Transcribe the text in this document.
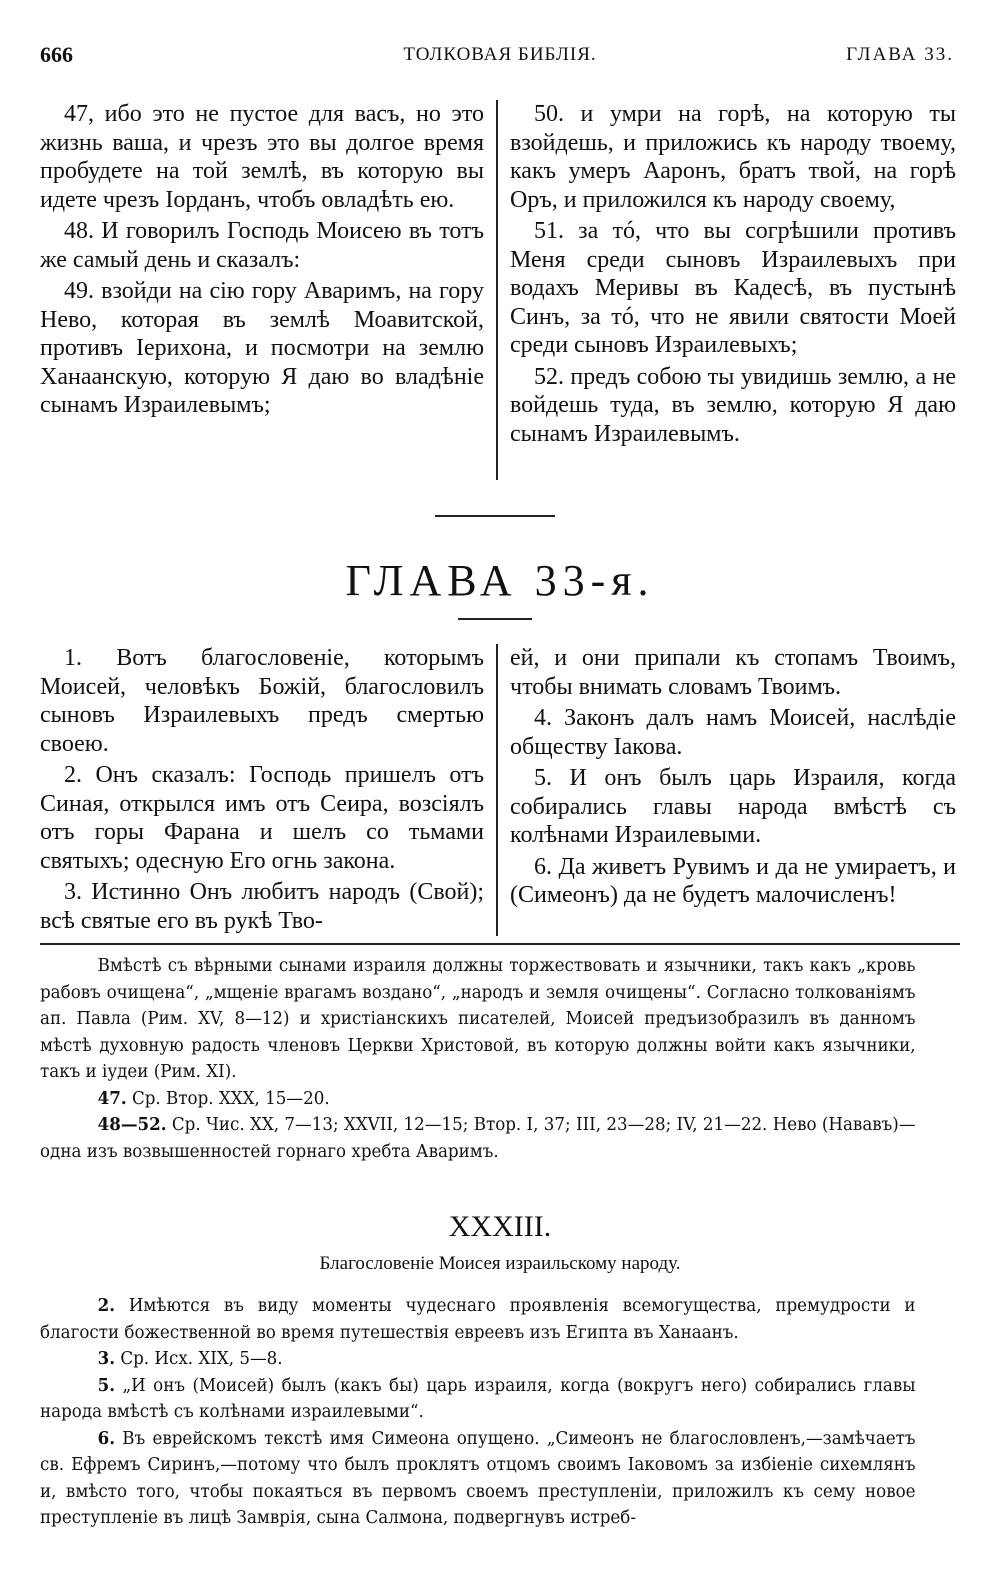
666	ТОЛКОВАЯ БИБЛІЯ.	ГЛАВА 33.

47, ибо это не пустое для васъ, но это жизнь ваша, и чрезъ это вы долгое время пробудете на той землѣ, въ которую вы идете чрезъ Іорданъ, чтобъ овладѣть ею.

48. И говорилъ Господь Моисею въ тотъ же самый день и сказалъ:

49. взойди на сію гору Аваримъ, на гору Нево, которая въ землѣ Моавитской, противъ Іерихона, и посмотри на землю Ханаанскую, которую Я даю во владѣніе сынамъ Израилевымъ;

50. и умри на горѣ, на которую ты взойдешь, и приложись къ народу твоему, какъ умеръ Ааронъ, братъ твой, на горѣ Оръ, и приложился къ народу своему,

51. за тó, что вы согрѣшили противъ Меня среди сыновъ Израилевыхъ при водахъ Меривы въ Кадесѣ, въ пустынѣ Синъ, за тó, что не явили святости Моей среди сыновъ Израилевыхъ;

52. предъ собою ты увидишь землю, а не войдешь туда, въ землю, которую Я даю сынамъ Израилевымъ.

ГЛАВА 33-я.

1. Вотъ благословеніе, которымъ Моисей, человѣкъ Божій, благословилъ сыновъ Израилевыхъ предъ смертью своею.

2. Онъ сказалъ: Господь пришелъ отъ Синая, открылся имъ отъ Сеира, возсіялъ отъ горы Фарана и шелъ со тьмами святыхъ; одесную Его огнь закона.

3. Истинно Онъ любитъ народъ (Свой); всѣ святые его въ рукѣ Тво-

ей, и они припали къ стопамъ Твоимъ, чтобы внимать словамъ Твоимъ.

4. Законъ далъ намъ Моисей, наслѣдіе обществу Іакова.

5. И онъ былъ царь Израиля, когда собирались главы народа вмѣстѣ съ колѣнами Израилевыми.

6. Да живетъ Рувимъ и да не умираетъ, и (Симеонъ) да не будетъ малочисленъ!

Вмѣстѣ съ вѣрными сынами израиля должны торжествовать и язычники, такъ какъ „кровь рабовъ очищена“, „мщеніе врагамъ воздано“, „народъ и земля очищены“. Согласно толкованіямъ ап. Павла (Рим. XV, 8—12) и христіанскихъ писателей, Моисей предъизобразилъ въ данномъ мѣстѣ духовную радость членовъ Церкви Христовой, въ которую должны войти какъ язычники, такъ и іудеи (Рим. XI).

47. Ср. Втор. XXX, 15—20.

48—52. Ср. Чис. XX, 7—13; XXVII, 12—15; Втор. I, 37; III, 23—28; IV, 21—22. Нево (Нававъ)—одна изъ возвышенностей горнаго хребта Аваримъ.

XXXIII.
Благословеніе Моисея израильскому народу.

2. Имѣются въ виду моменты чудеснаго проявленія всемогущества, премудрости и благости божественной во время путешествія евреевъ изъ Египта въ Ханаанъ.

3. Ср. Исх. XIX, 5—8.

5. „И онъ (Моисей) былъ (какъ бы) царь израиля, когда (вокругъ него) собирались главы народа вмѣстѣ съ колѣнами израилевыми“.

6. Въ еврейскомъ текстѣ имя Симеона опущено. „Симеонъ не благословленъ,—замѣчаетъ св. Ефремъ Сиринъ,—потому что былъ проклятъ отцомъ своимъ Іаковомъ за избіеніе сихемлянъ и, вмѣсто того, чтобы покаяться въ первомъ своемъ преступленіи, приложилъ къ сему новое преступленіе въ лицѣ Замврія, сына Салмона, подвергнувъ истреб-
